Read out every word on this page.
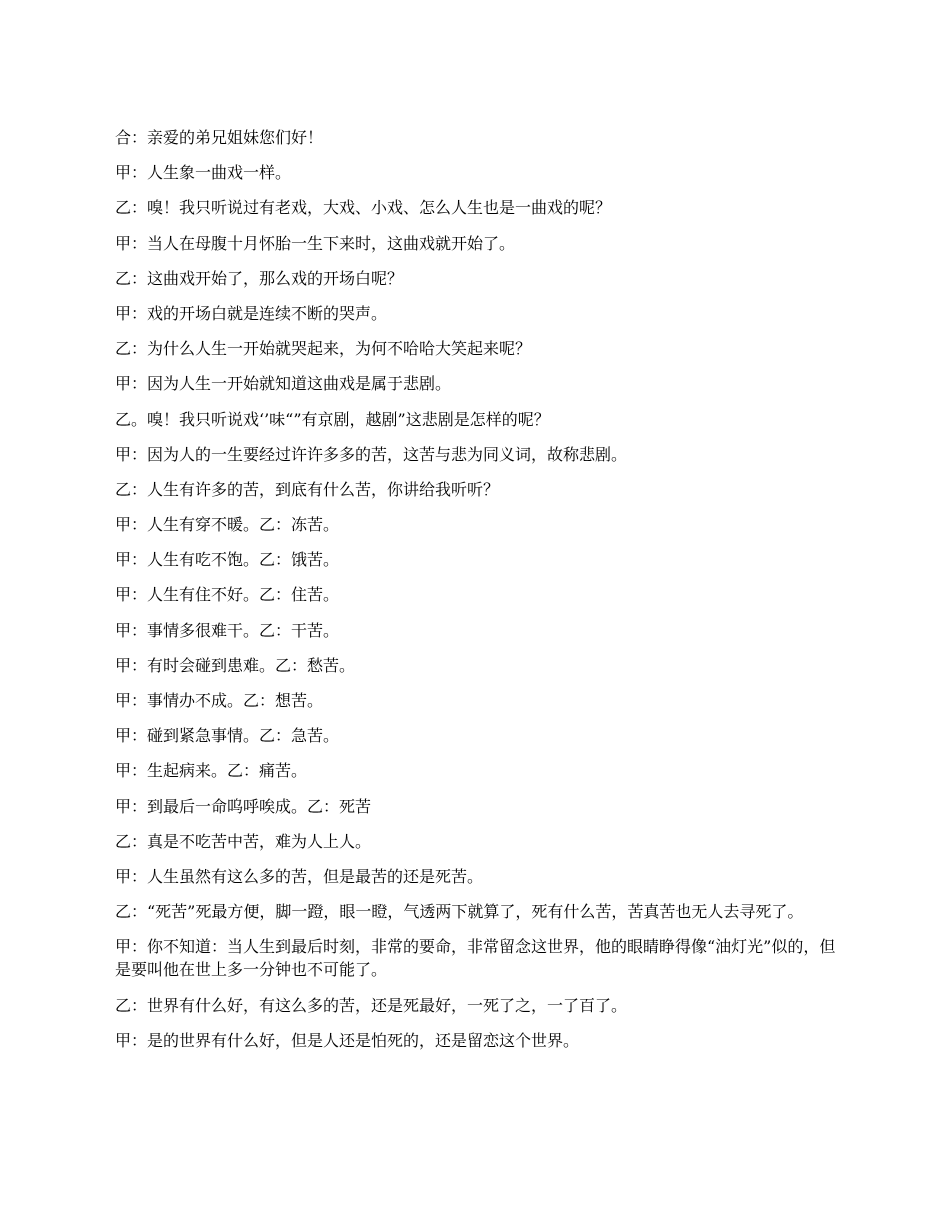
合：亲爱的弟兄姐妹您们好！

甲：人生象一曲戏一样。

乙：嗅！我只听说过有老戏，大戏、小戏、怎么人生也是一曲戏的呢？

甲：当人在母腹十月怀胎一生下来时，这曲戏就开始了。

乙：这曲戏开始了，那么戏的开场白呢？

甲：戏的开场白就是连续不断的哭声。

乙：为什么人生一开始就哭起来，为何不哈哈大笑起来呢？

甲：因为人生一开始就知道这曲戏是属于悲剧。

乙。嗅！我只听说戏‘’味“”有京剧，越剧”这悲剧是怎样的呢？

甲：因为人的一生要经过许许多多的苦，这苦与悲为同义词，故称悲剧。

乙：人生有许多的苦，到底有什么苦，你讲给我听听？

甲：人生有穿不暖。乙：冻苦。

甲：人生有吃不饱。乙：饿苦。

甲：人生有住不好。乙：住苦。

甲：事情多很难干。乙：干苦。

甲：有时会碰到患难。乙：愁苦。

甲：事情办不成。乙：想苦。

甲：碰到紧急事情。乙：急苦。

甲：生起病来。乙：痛苦。

甲：到最后一命呜呼唉成。乙：死苦

乙：真是不吃苦中苦，难为人上人。

甲：人生虽然有这么多的苦，但是最苦的还是死苦。

乙：“死苦”死最方便，脚一蹬，眼一瞪，气透两下就算了，死有什么苦，苦真苦也无人去寻死了。

甲：你不知道：当人生到最后时刻，非常的要命，非常留念这世界，他的眼睛睁得像“油灯光”似的，但是要叫他在世上多一分钟也不可能了。

乙：世界有什么好，有这么多的苦，还是死最好，一死了之，一了百了。

甲：是的世界有什么好，但是人还是怕死的，还是留恋这个世界。
